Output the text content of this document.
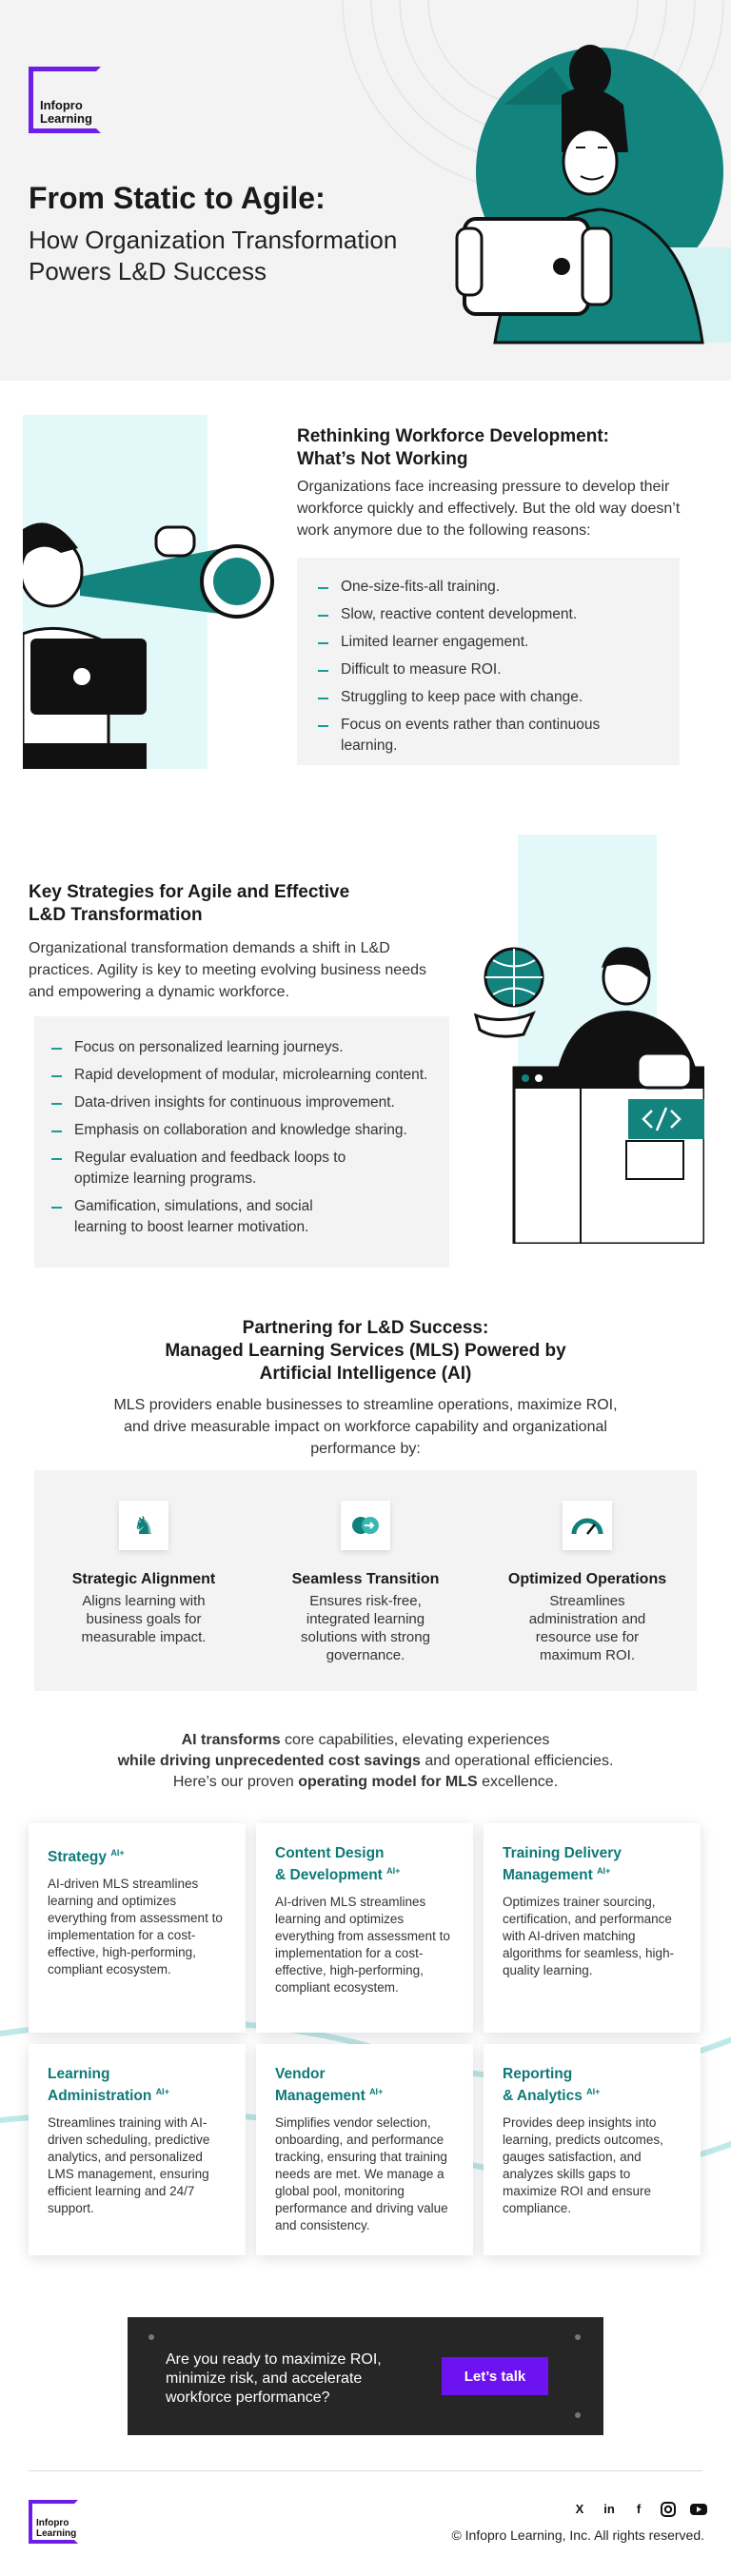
Infopro
Learning
From Static to Agile:
How Organization Transformation
Powers L&D Success
Rethinking Workforce Development:
What’s Not Working
Organizations face increasing pressure to develop their workforce quickly and effectively. But the old way doesn’t work anymore due to the following reasons:
One-size-fits-all training.
Slow, reactive content development.
Limited learner engagement.
Difficult to measure ROI.
Struggling to keep pace with change.
Focus on events rather than continuous learning.
Key Strategies for Agile and Effective
L&D Transformation
Organizational transformation demands a shift in L&D practices. Agility is key to meeting evolving business needs and empowering a dynamic workforce.
Focus on personalized learning journeys.
Rapid development of modular, microlearning content.
Data-driven insights for continuous improvement.
Emphasis on collaboration and knowledge sharing.
Regular evaluation and feedback loops to optimize learning programs.
Gamification, simulations, and social learning to boost learner motivation.
Partnering for L&D Success:
Managed Learning Services (MLS) Powered by
Artificial Intelligence (AI)
MLS providers enable businesses to streamline operations, maximize ROI, and drive measurable impact on workforce capability and organizational performance by:
♞
Strategic Alignment
Aligns learning with business goals for measurable impact.
Seamless Transition
Ensures risk-free, integrated learning solutions with strong governance.
Optimized Operations
Streamlines administration and resource use for maximum ROI.
AI transforms core capabilities, elevating experiences
while driving unprecedented cost savings and operational efficiencies.
Here’s our proven operating model for MLS excellence.
Strategy $^{AI+}$
AI-driven MLS streamlines learning and optimizes everything from assessment to implementation for a cost-effective, high-performing, compliant ecosystem.
Content Design
& Development $^{AI+}$
AI-driven MLS streamlines learning and optimizes everything from assessment to implementation for a cost-effective, high-performing, compliant ecosystem.
Training Delivery
Management $^{AI+}$
Optimizes trainer sourcing, certification, and performance with AI-driven matching algorithms for seamless, high-quality learning.
Learning
Administration $^{AI+}$
Streamlines training with AI-driven scheduling, predictive analytics, and personalized LMS management, ensuring efficient learning and 24/7 support.
Vendor
Management $^{AI+}$
Simplifies vendor selection, onboarding, and performance tracking, ensuring that training needs are met. We manage a global pool, monitoring performance and driving value and consistency.
Reporting
& Analytics $^{AI+}$
Provides deep insights into learning, predicts outcomes, gauges satisfaction, and analyzes skills gaps to maximize ROI and ensure compliance.
Are you ready to maximize ROI, minimize risk, and accelerate workforce performance?
Let’s talk
Infopro
Learning
X	in	f
© Infopro Learning, Inc. All rights reserved.
